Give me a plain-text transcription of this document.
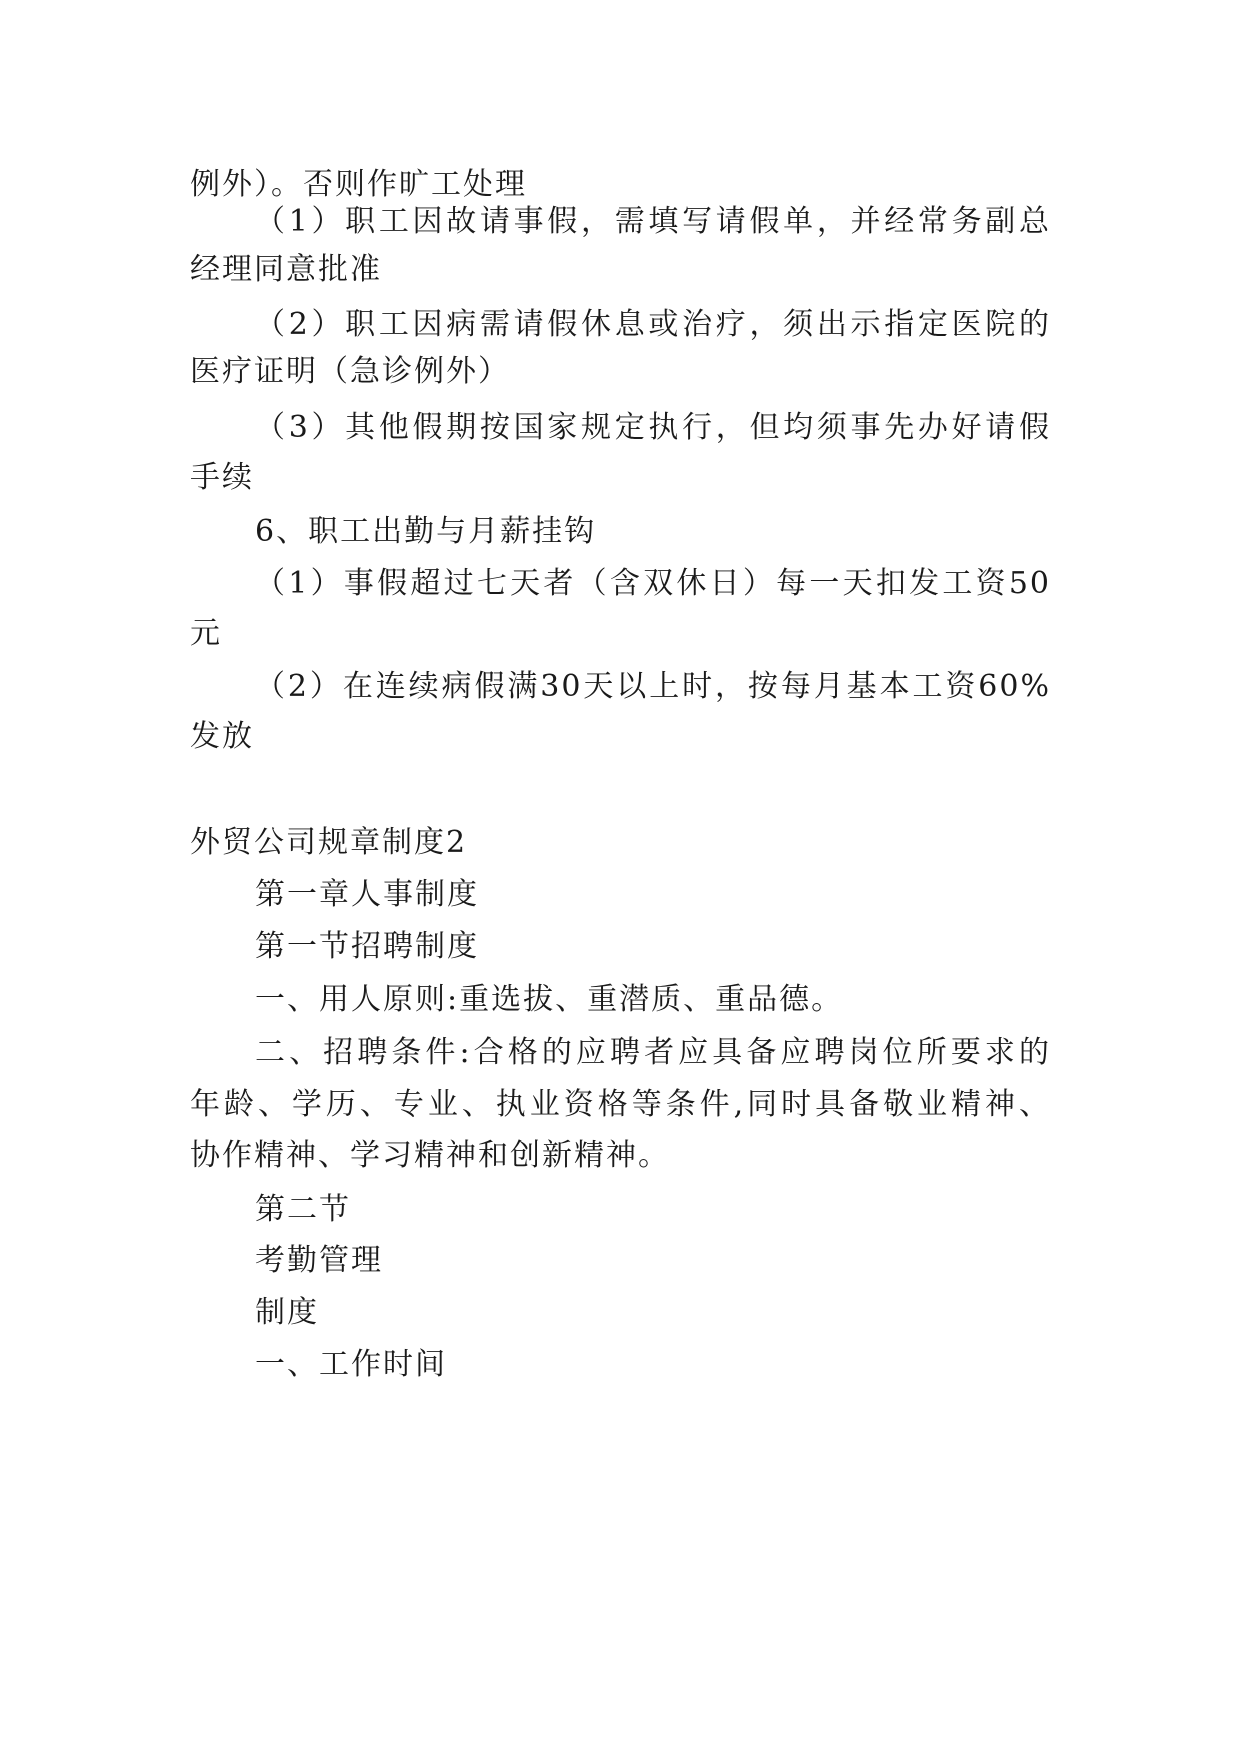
例外）。否则作旷工处理
（1）职工因故请事假，需填写请假单，并经常务副总
经理同意批准
（2）职工因病需请假休息或治疗，须出示指定医院的
医疗证明（急诊例外）
（3）其他假期按国家规定执行，但均须事先办好请假
手续
6、职工出勤与月薪挂钩
（1）事假超过七天者（含双休日）每一天扣发工资50
元
（2）在连续病假满30天以上时，按每月基本工资60%
发放
外贸公司规章制度2
第一章人事制度
第一节招聘制度
一、用人原则:重选拔、重潜质、重品德。
二、招聘条件:合格的应聘者应具备应聘岗位所要求的
年龄、学历、专业、执业资格等条件,同时具备敬业精神、
协作精神、学习精神和创新精神。
第二节
考勤管理
制度
一、工作时间
